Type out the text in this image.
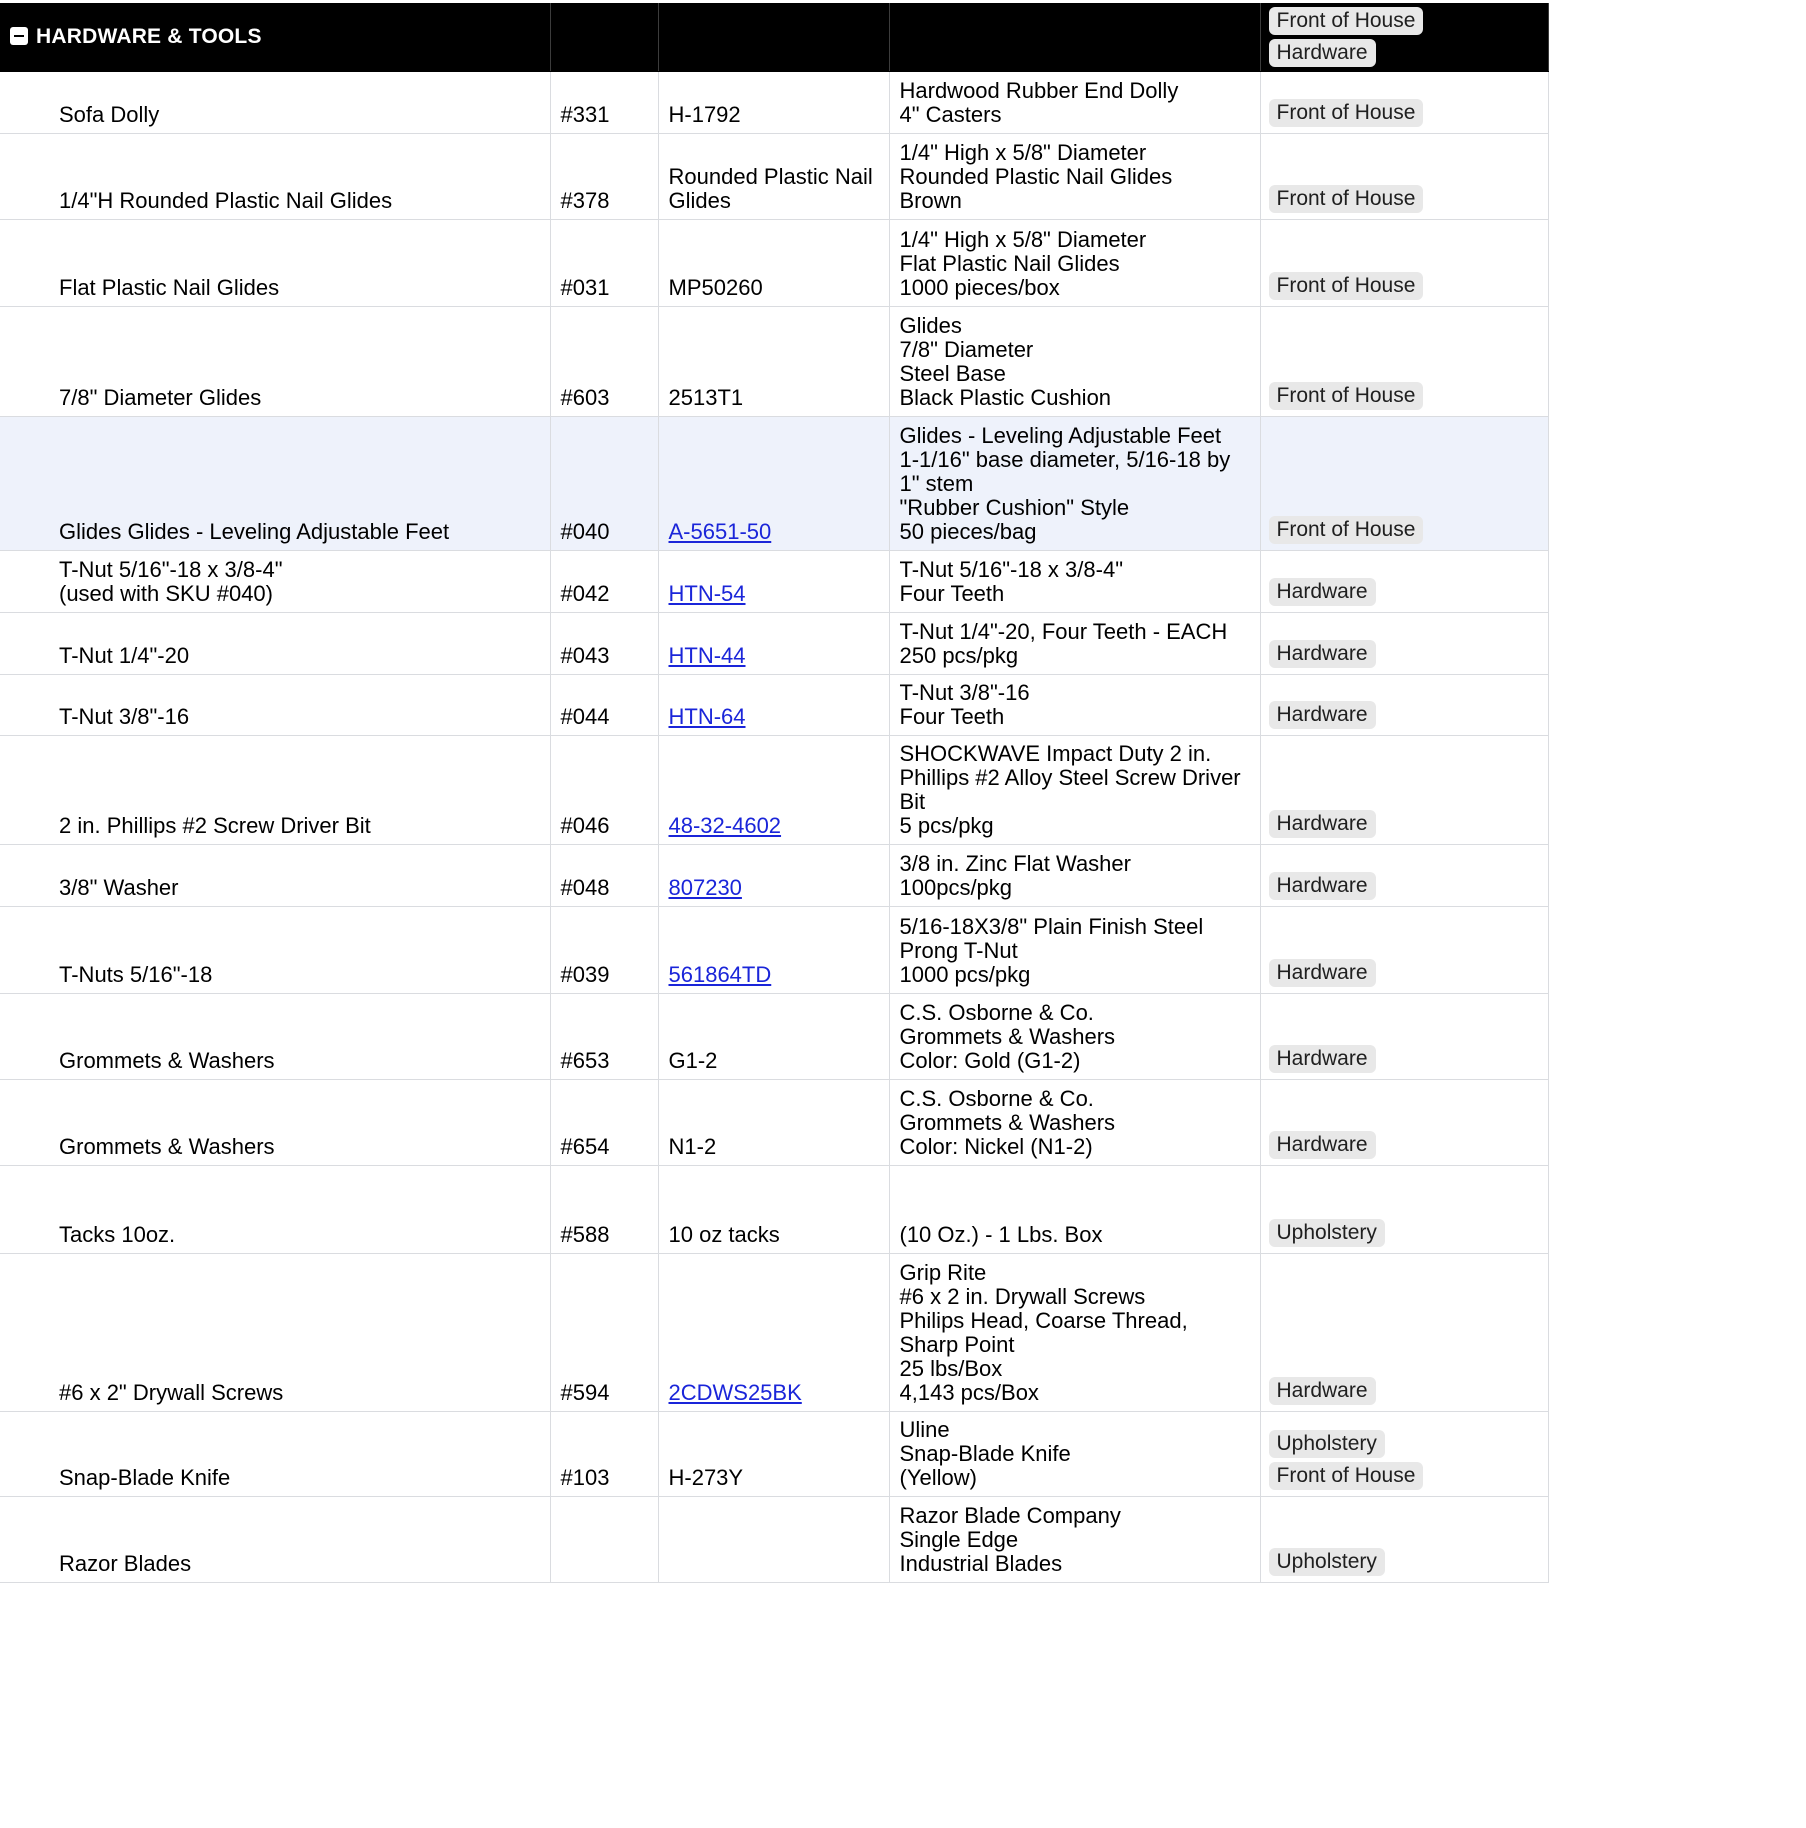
HARDWARE & TOOLS				Front of House
Hardware

Sofa Dolly	#331	H-1792	Hardwood Rubber End Dolly
4" Casters	Front of House

1/4"H Rounded Plastic Nail Glides	#378	Rounded Plastic Nail Glides	1/4" High x 5/8" Diameter
Rounded Plastic Nail Glides
Brown	Front of House

Flat Plastic Nail Glides	#031	MP50260	1/4" High x 5/8" Diameter
Flat Plastic Nail Glides
1000 pieces/box	Front of House

7/8" Diameter Glides	#603	2513T1	Glides
7/8" Diameter
Steel Base
Black Plastic Cushion	Front of House

Glides Glides - Leveling Adjustable Feet	#040	A-5651-50	Glides - Leveling Adjustable Feet
1-1/16" base diameter, 5/16-18 by 1" stem
"Rubber Cushion" Style
50 pieces/bag	Front of House

T-Nut 5/16"-18 x 3/8-4"
(used with SKU #040)	#042	HTN-54	T-Nut 5/16"-18 x 3/8-4"
Four Teeth	Hardware

T-Nut 1/4"-20	#043	HTN-44	T-Nut 1/4"-20, Four Teeth - EACH
250 pcs/pkg	Hardware

T-Nut 3/8"-16	#044	HTN-64	T-Nut 3/8"-16
Four Teeth	Hardware

2 in. Phillips #2 Screw Driver Bit	#046	48-32-4602	SHOCKWAVE Impact Duty 2 in. Phillips #2 Alloy Steel Screw Driver Bit
5 pcs/pkg	Hardware

3/8" Washer	#048	807230	3/8 in. Zinc Flat Washer
100pcs/pkg	Hardware

T-Nuts 5/16"-18	#039	561864TD	5/16-18X3/8" Plain Finish Steel Prong T-Nut
1000 pcs/pkg	Hardware

Grommets & Washers	#653	G1-2	C.S. Osborne & Co.
Grommets & Washers
Color: Gold (G1-2)	Hardware

Grommets & Washers	#654	N1-2	C.S. Osborne & Co.
Grommets & Washers
Color: Nickel (N1-2)	Hardware

Tacks 10oz.	#588	10 oz tacks	(10 Oz.) - 1 Lbs. Box	Upholstery

#6 x 2" Drywall Screws	#594	2CDWS25BK	Grip Rite
#6 x 2 in. Drywall Screws
Philips Head, Coarse Thread, Sharp Point
25 lbs/Box
4,143 pcs/Box	Hardware

Snap-Blade Knife	#103	H-273Y	Uline
Snap-Blade Knife
(Yellow)	Upholstery
Front of House

Razor Blades			Razor Blade Company
Single Edge
Industrial Blades	Upholstery
